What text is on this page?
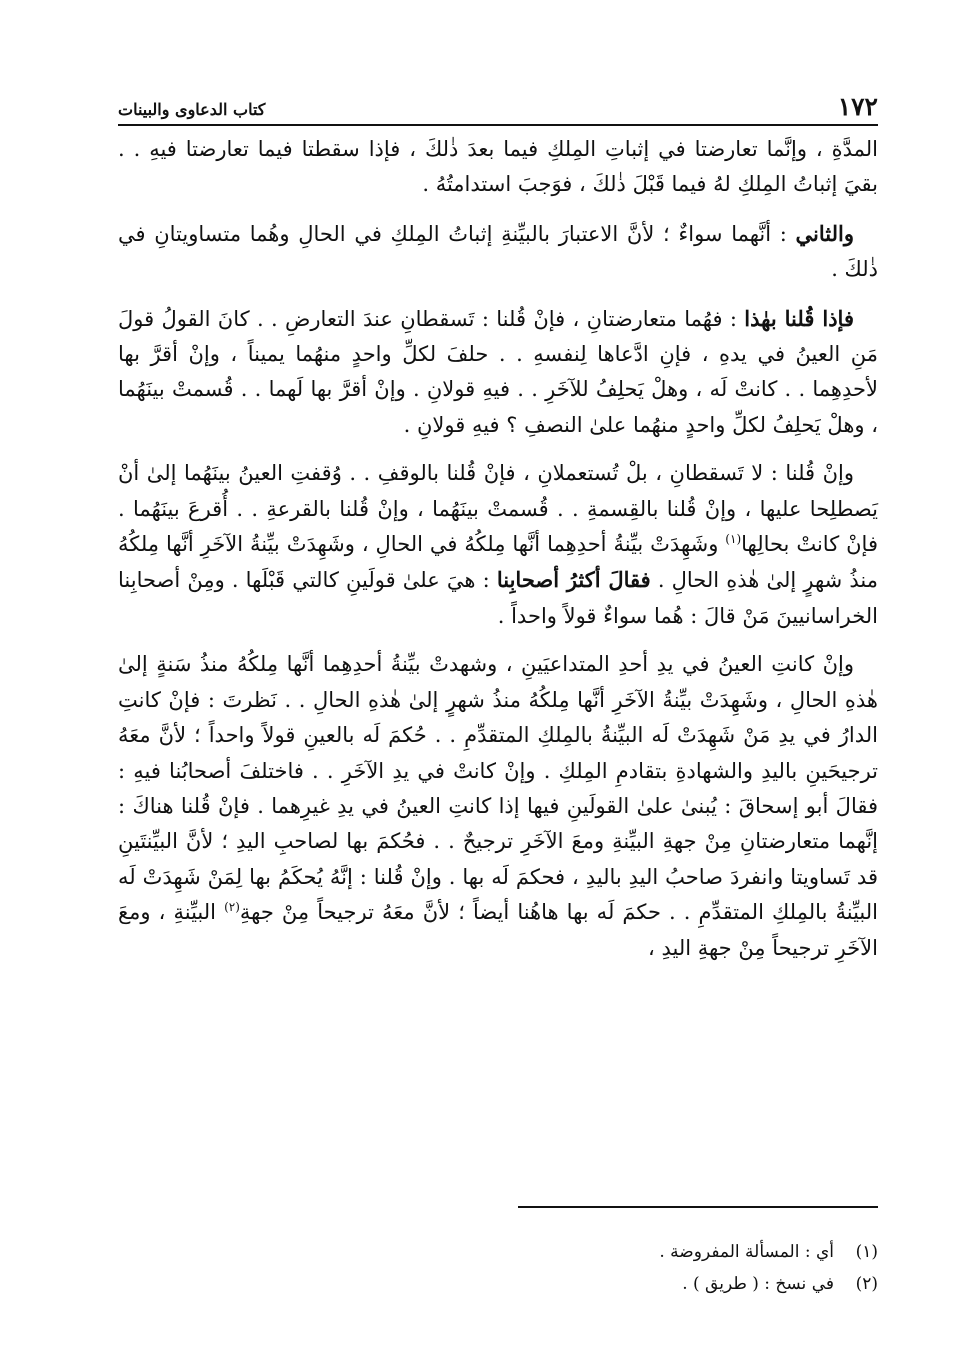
١٧٢
كتاب الدعاوى والبينات

المدَّةِ ، وإنَّما تعارضتا في إثباتِ المِلكِ فيما بعدَ ذٰلكَ ، فإذا سقطتا فيما تعارضتا فيهِ . . بقيَ إثباتُ المِلكِ لهُ فيما قَبْلَ ذٰلكَ ، فوَجبَ استدامتُهُ .

والثاني : أنَّهما سواءٌ ؛ لأنَّ الاعتبارَ بالبيِّنةِ إثباتُ المِلكِ في الحالِ وهُما متساويتانِ في ذٰلكَ .

فإذا قُلنا بهٰذا : فهُما متعارضتانِ ، فإنْ قُلنا : تَسقطانِ عندَ التعارضِ . . كانَ القولُ قولَ مَنِ العينُ في يدهِ ، فإنِ ادَّعاها لِنفسهِ . . حلفَ لكلِّ واحدٍ منهُما يميناً ، وإنْ أقرَّ بها لأحدِهِما . . كانتْ لَه ، وهلْ يَحلِفُ للآخَرِ . . فيهِ قولانِ . وإنْ أقرَّ بها لَهما . . قُسمتْ بينَهُما ، وهلْ يَحلِفُ لكلِّ واحدٍ منهُما علىٰ النصفِ ؟ فيهِ قولانِ .

وإنْ قُلنا : لا تَسقطانِ ، بلْ تُستعملانِ ، فإنْ قُلنا بالوقفِ . . وُقفتِ العينُ بينَهُما إلىٰ أنْ يَصطلِحا عليها ، وإنْ قُلنا بالقِسمةِ . . قُسمتْ بينَهُما ، وإنْ قُلنا بالقرعةِ . . أُقرعَ بينَهُما . فإنْ كانتْ بحالِها$^{(١)}$ وشَهِدَتْ بيِّنةُ أحدِهِما أنَّها مِلكُهُ في الحالِ ، وشَهِدَتْ بيِّنةُ الآخَرِ أنَّها مِلكُهُ منذُ شهرٍ إلىٰ هٰذهِ الحالِ . فقالَ أكثرُ أصحابِنا : هيَ علىٰ قولَينِ كالتي قَبْلَها . ومِنْ أصحابِنا الخراسانيينَ مَنْ قالَ : هُما سواءٌ قولاً واحداً .

وإنْ كانتِ العينُ في يدِ أحدِ المتداعيَينِ ، وشهدتْ بيِّنةُ أحدِهِما أنَّها مِلكُهُ منذُ سَنةٍ إلىٰ هٰذهِ الحالِ ، وشَهِدَتْ بيِّنةُ الآخَرِ أنَّها مِلكُهُ منذُ شهرٍ إلىٰ هٰذهِ الحالِ . . نَظرتَ : فإنْ كانتِ الدارُ في يدِ مَنْ شَهِدَتْ لَه البيِّنةُ بالمِلكِ المتقدِّمِ . . حُكمَ لَه بالعينِ قولاً واحداً ؛ لأنَّ معَهُ ترجيحَينِ باليدِ والشهادةِ بتقادمِ المِلكِ . وإنْ كانتْ في يدِ الآخَرِ . . فاختلفَ أصحابُنا فيهِ : فقالَ أبو إسحاقَ : يُبنىٰ علىٰ القولَينِ فيها إذا كانتِ العينُ في يدِ غيرِهما . فإنْ قُلنا هناكَ : إنَّهما متعارضتانِ مِنْ جهةِ البيِّنةِ ومعَ الآخَرِ ترجيحٌ . . فحُكمَ بها لصاحبِ اليدِ ؛ لأنَّ البيِّنتَينِ قد تَساويتا وانفردَ صاحبُ اليدِ باليدِ ، فحكمَ لَه بها . وإنْ قُلنا : إنَّهُ يُحكَمُ بها لِمَنْ شَهِدَتْ لَه البيِّنةُ بالمِلكِ المتقدِّمِ . . حكمَ لَه بها هاهُنا أيضاً ؛ لأنَّ معَهُ ترجيحاً مِنْ جهةِ$^{(٢)}$ البيِّنةِ ، ومعَ الآخَرِ ترجيحاً مِنْ جهةِ اليدِ ،

(١)
أي : المسألة المفروضة .
(٢)
في نسخ : ( طريق ) .
